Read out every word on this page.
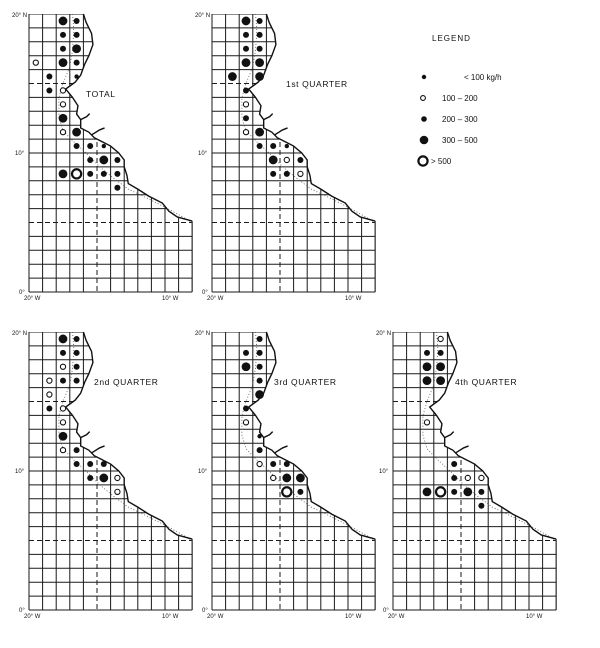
20° N
10°
0°
20° W	10° W
TOTAL
20° N
10°
0°
20° W	10° W
1st QUARTER
20° N
10°
0°
20° W	10° W
2nd QUARTER
20° N
10°
0°
20° W	10° W
3rd QUARTER
20° N
10°
0°
20° W	10° W
4th QUARTER
LEGEND
< 100 kg/h
100 – 200
200 – 300
300 – 500
> 500
